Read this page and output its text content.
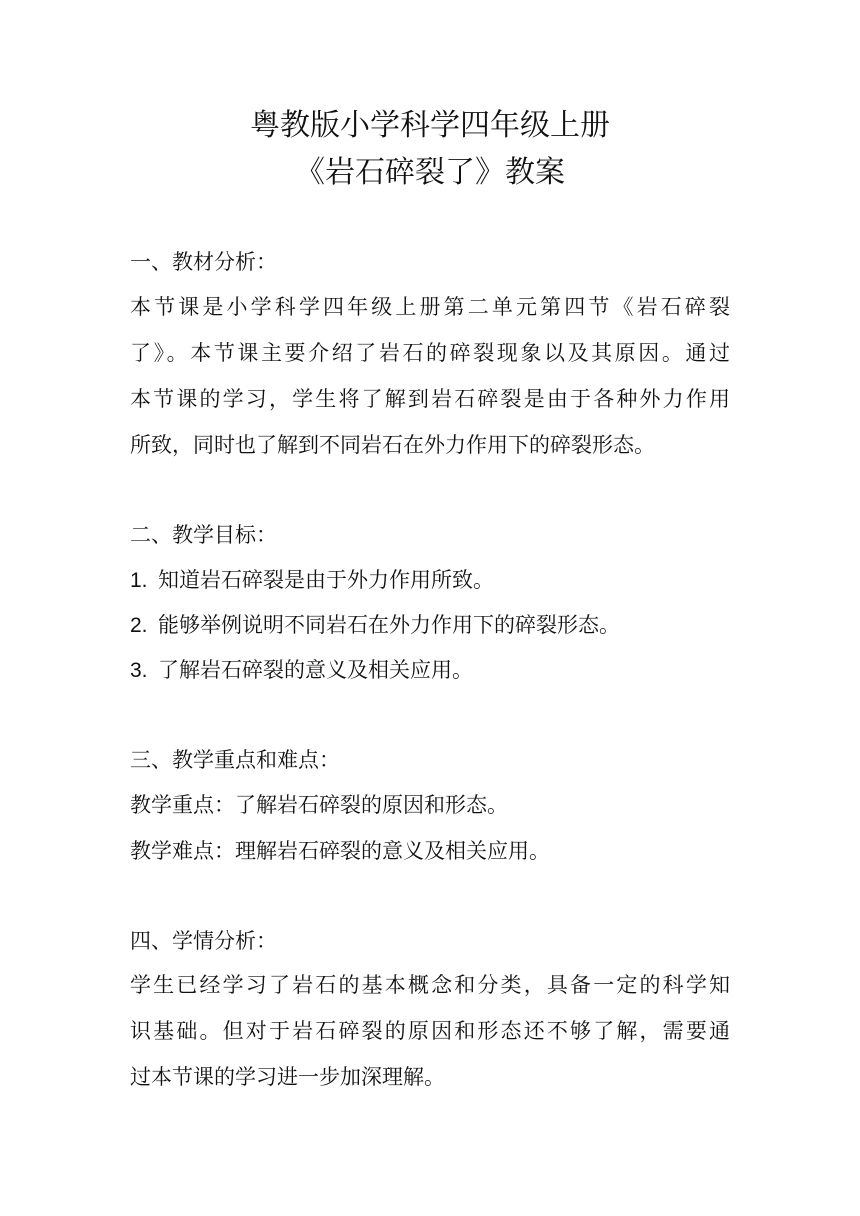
粤教版小学科学四年级上册
《岩石碎裂了》教案

一、教材分析：

本节课是小学科学四年级上册第二单元第四节《岩石碎裂

了》。本节课主要介绍了岩石的碎裂现象以及其原因。通过

本节课的学习，学生将了解到岩石碎裂是由于各种外力作用

所致，同时也了解到不同岩石在外力作用下的碎裂形态。

二、教学目标：

1. 知道岩石碎裂是由于外力作用所致。

2. 能够举例说明不同岩石在外力作用下的碎裂形态。

3. 了解岩石碎裂的意义及相关应用。

三、教学重点和难点：

教学重点：了解岩石碎裂的原因和形态。

教学难点：理解岩石碎裂的意义及相关应用。

四、学情分析：

学生已经学习了岩石的基本概念和分类，具备一定的科学知

识基础。但对于岩石碎裂的原因和形态还不够了解，需要通

过本节课的学习进一步加深理解。
